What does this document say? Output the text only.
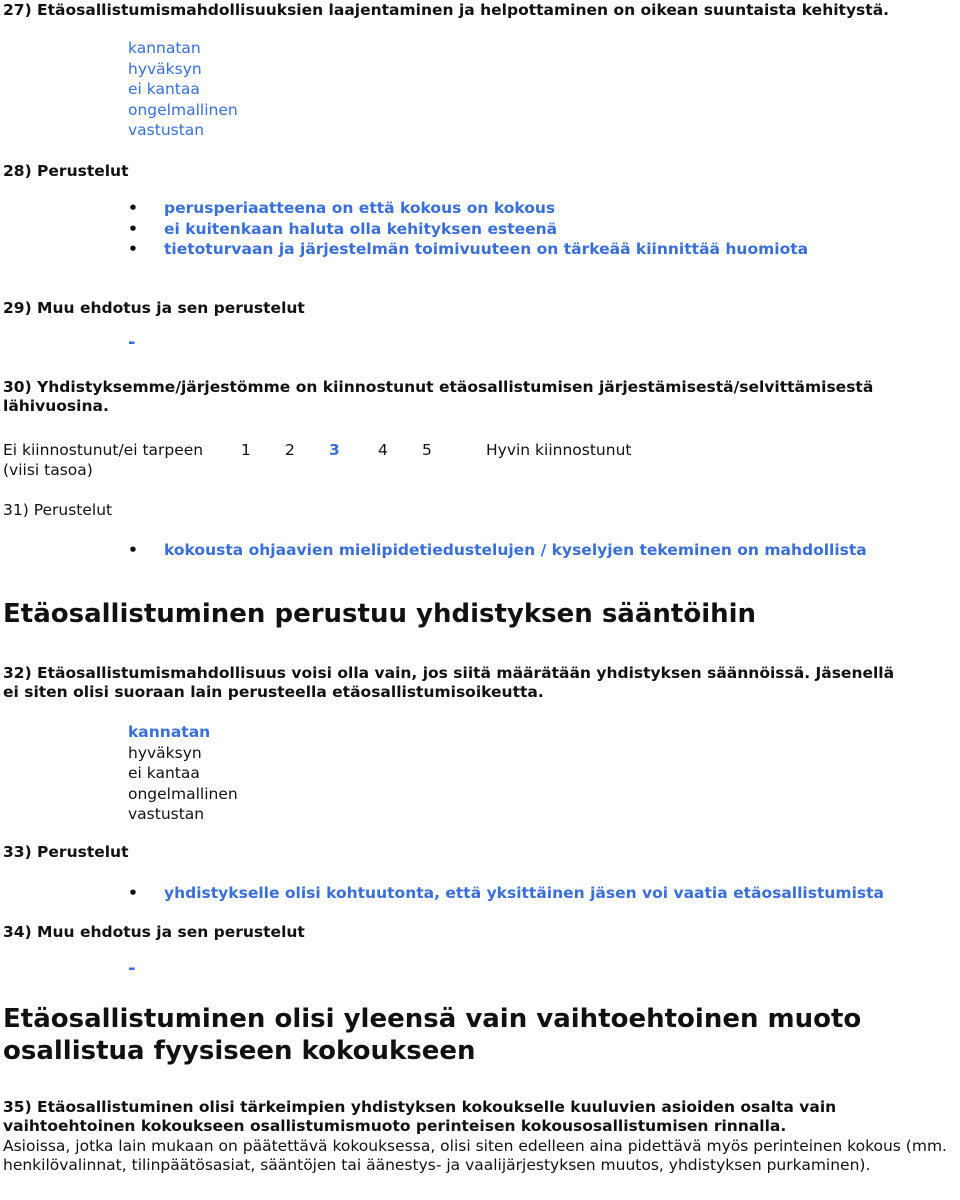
27) Etäosallistumismahdollisuuksien laajentaminen ja helpottaminen on oikean suuntaista kehitystä.
kannatan
hyväksyn
ei kantaa
ongelmallinen
vastustan
28) Perustelut
• perusperiaatteena on että kokous on kokous
• ei kuitenkaan haluta olla kehityksen esteenä
• tietoturvaan ja järjestelmän toimivuuteen on tärkeää kiinnittää huomiota
29) Muu ehdotus ja sen perustelut
-
30) Yhdistyksemme/järjestömme on kiinnostunut etäosallistumisen järjestämisestä/selvittämisestä
lähivuosina.
Ei kiinnostunut/ei tarpeen 1 2 3 4 5	Hyvin kiinnostunut
(viisi tasoa)
31) Perustelut
• kokousta ohjaavien mielipidetiedustelujen / kyselyjen tekeminen on mahdollista
Etäosallistuminen perustuu yhdistyksen sääntöihin
32) Etäosallistumismahdollisuus voisi olla vain, jos siitä määrätään yhdistyksen säännöissä. Jäsenellä
ei siten olisi suoraan lain perusteella etäosallistumisoikeutta.
kannatan
hyväksyn
ei kantaa
ongelmallinen
vastustan
33) Perustelut
• yhdistykselle olisi kohtuutonta, että yksittäinen jäsen voi vaatia etäosallistumista
34) Muu ehdotus ja sen perustelut
-
Etäosallistuminen olisi yleensä vain vaihtoehtoinen muoto
osallistua fyysiseen kokoukseen
35) Etäosallistuminen olisi tärkeimpien yhdistyksen kokoukselle kuuluvien asioiden osalta vain
vaihtoehtoinen kokoukseen osallistumismuoto perinteisen kokousosallistumisen rinnalla.
Asioissa, jotka lain mukaan on päätettävä kokouksessa, olisi siten edelleen aina pidettävä myös perinteinen kokous (mm. henkilövalinnat, tilinpäätösasiat, sääntöjen tai äänestys- ja vaalijärjestyksen muutos, yhdistyksen purkaminen).
